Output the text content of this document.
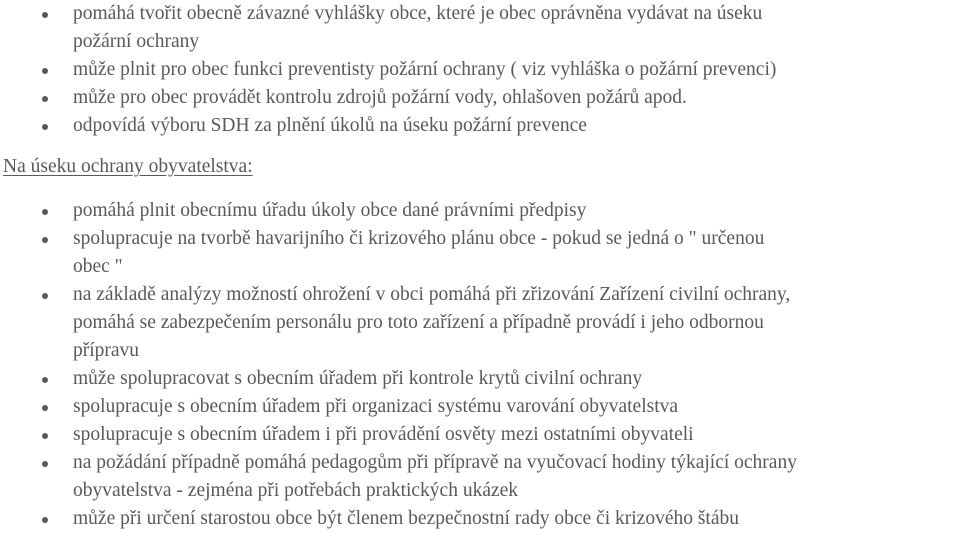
pomáhá tvořit obecně závazné vyhlášky obce, které je obec oprávněna vydávat na úseku
požární ochrany
může plnit pro obec funkci preventisty požární ochrany ( viz vyhláška o požární prevenci)
může pro obec provádět kontrolu zdrojů požární vody, ohlašoven požárů apod.
odpovídá výboru SDH za plnění úkolů na úseku požární prevence
Na úseku ochrany obyvatelstva:
pomáhá plnit obecnímu úřadu úkoly obce dané právními předpisy
spolupracuje na tvorbě havarijního či krizového plánu obce - pokud se jedná o " určenou
obec "
na základě analýzy možností ohrožení v obci pomáhá při zřizování Zařízení civilní ochrany,
pomáhá se zabezpečením personálu pro toto zařízení a případně provádí i jeho odbornou
přípravu
může spolupracovat s obecním úřadem při kontrole krytů civilní ochrany
spolupracuje s obecním úřadem při organizaci systému varování obyvatelstva
spolupracuje s obecním úřadem i při provádění osvěty mezi ostatními obyvateli
na požádání případně pomáhá pedagogům při přípravě na vyučovací hodiny týkající ochrany
obyvatelstva - zejména při potřebách praktických ukázek
může při určení starostou obce být členem bezpečnostní rady obce či krizového štábu
